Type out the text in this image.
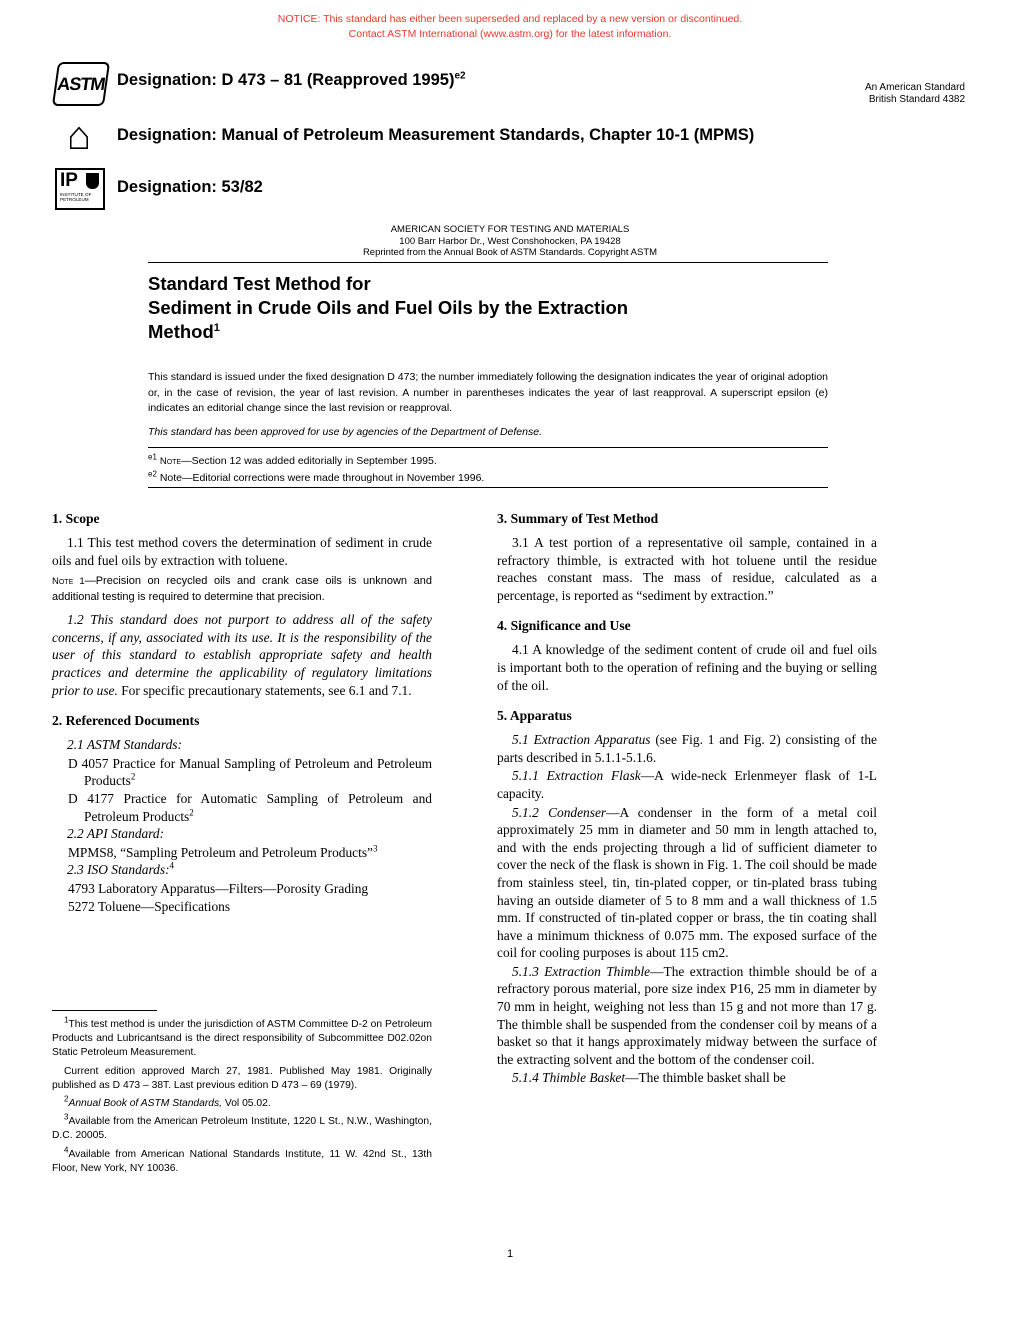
NOTICE: This standard has either been superseded and replaced by a new version or discontinued.
Contact ASTM International (www.astm.org) for the latest information.
ASTM Designation: D 473 – 81 (Reapproved 1995)$^{e2}$
An American Standard
British Standard 4382
⌂	Designation: Manual of Petroleum Measurement Standards, Chapter 10-1 (MPMS)
IP
INSTITUTE OF PETROLEUM
Designation: 53/82
AMERICAN SOCIETY FOR TESTING AND MATERIALS
100 Barr Harbor Dr., West Conshohocken, PA 19428
Reprinted from the Annual Book of ASTM Standards. Copyright ASTM
Standard Test Method for
Sediment in Crude Oils and Fuel Oils by the Extraction
Method$^1$
This standard is issued under the fixed designation D 473; the number immediately following the designation indicates the year of original adoption or, in the case of revision, the year of last revision. A number in parentheses indicates the year of last reapproval. A superscript epsilon (e) indicates an editorial change since the last revision or reapproval.
This standard has been approved for use by agencies of the Department of Defense.
$^{e1}$ Note—Section 12 was added editorially in September 1995.
$^{e2}$ Note—Editorial corrections were made throughout in November 1996.
1. Scope

1.1 This test method covers the determination of sediment in crude oils and fuel oils by extraction with toluene.

Note 1—Precision on recycled oils and crank case oils is unknown and additional testing is required to determine that precision.

1.2 This standard does not purport to address all of the safety concerns, if any, associated with its use. It is the responsibility of the user of this standard to establish appropriate safety and health practices and determine the applicability of regulatory limitations prior to use. For specific precautionary statements, see 6.1 and 7.1.

2. Referenced Documents

2.1 ASTM Standards:

D 4057 Practice for Manual Sampling of Petroleum and Petroleum Products$^2$

D 4177 Practice for Automatic Sampling of Petroleum and Petroleum Products$^2$

2.2 API Standard:

MPMS8, “Sampling Petroleum and Petroleum Products”$^3$

2.3 ISO Standards:$^4$

4793 Laboratory Apparatus—Filters—Porosity Grading

5272 Toluene—Specifications

3. Summary of Test Method

3.1 A test portion of a representative oil sample, contained in a refractory thimble, is extracted with hot toluene until the residue reaches constant mass. The mass of residue, calculated as a percentage, is reported as “sediment by extraction.”

4. Significance and Use

4.1 A knowledge of the sediment content of crude oil and fuel oils is important both to the operation of refining and the buying or selling of the oil.

5. Apparatus

5.1 Extraction Apparatus (see Fig. 1 and Fig. 2) consisting of the parts described in 5.1.1-5.1.6.

5.1.1 Extraction Flask—A wide-neck Erlenmeyer flask of 1-L capacity.

5.1.2 Condenser—A condenser in the form of a metal coil approximately 25 mm in diameter and 50 mm in length attached to, and with the ends projecting through a lid of sufficient diameter to cover the neck of the flask is shown in Fig. 1. The coil should be made from stainless steel, tin, tin-plated copper, or tin-plated brass tubing having an outside diameter of 5 to 8 mm and a wall thickness of 1.5 mm. If constructed of tin-plated copper or brass, the tin coating shall have a minimum thickness of 0.075 mm. The exposed surface of the coil for cooling purposes is about 115 cm2.

5.1.3 Extraction Thimble—The extraction thimble should be of a refractory porous material, pore size index P16, 25 mm in diameter by 70 mm in height, weighing not less than 15 g and not more than 17 g. The thimble shall be suspended from the condenser coil by means of a basket so that it hangs approximately midway between the surface of the extracting solvent and the bottom of the condenser coil.

5.1.4 Thimble Basket—The thimble basket shall be

$^1$This test method is under the jurisdiction of ASTM Committee D-2 on Petroleum Products and Lubricantsand is the direct responsibility of Subcommittee D02.02on Static Petroleum Measurement.

Current edition approved March 27, 1981. Published May 1981. Originally published as D 473 – 38T. Last previous edition D 473 – 69 (1979).

$^2$Annual Book of ASTM Standards, Vol 05.02.

$^3$Available from the American Petroleum Institute, 1220 L St., N.W., Washington, D.C. 20005.

$^4$Available from American National Standards Institute, 11 W. 42nd St., 13th Floor, New York, NY 10036.

1
